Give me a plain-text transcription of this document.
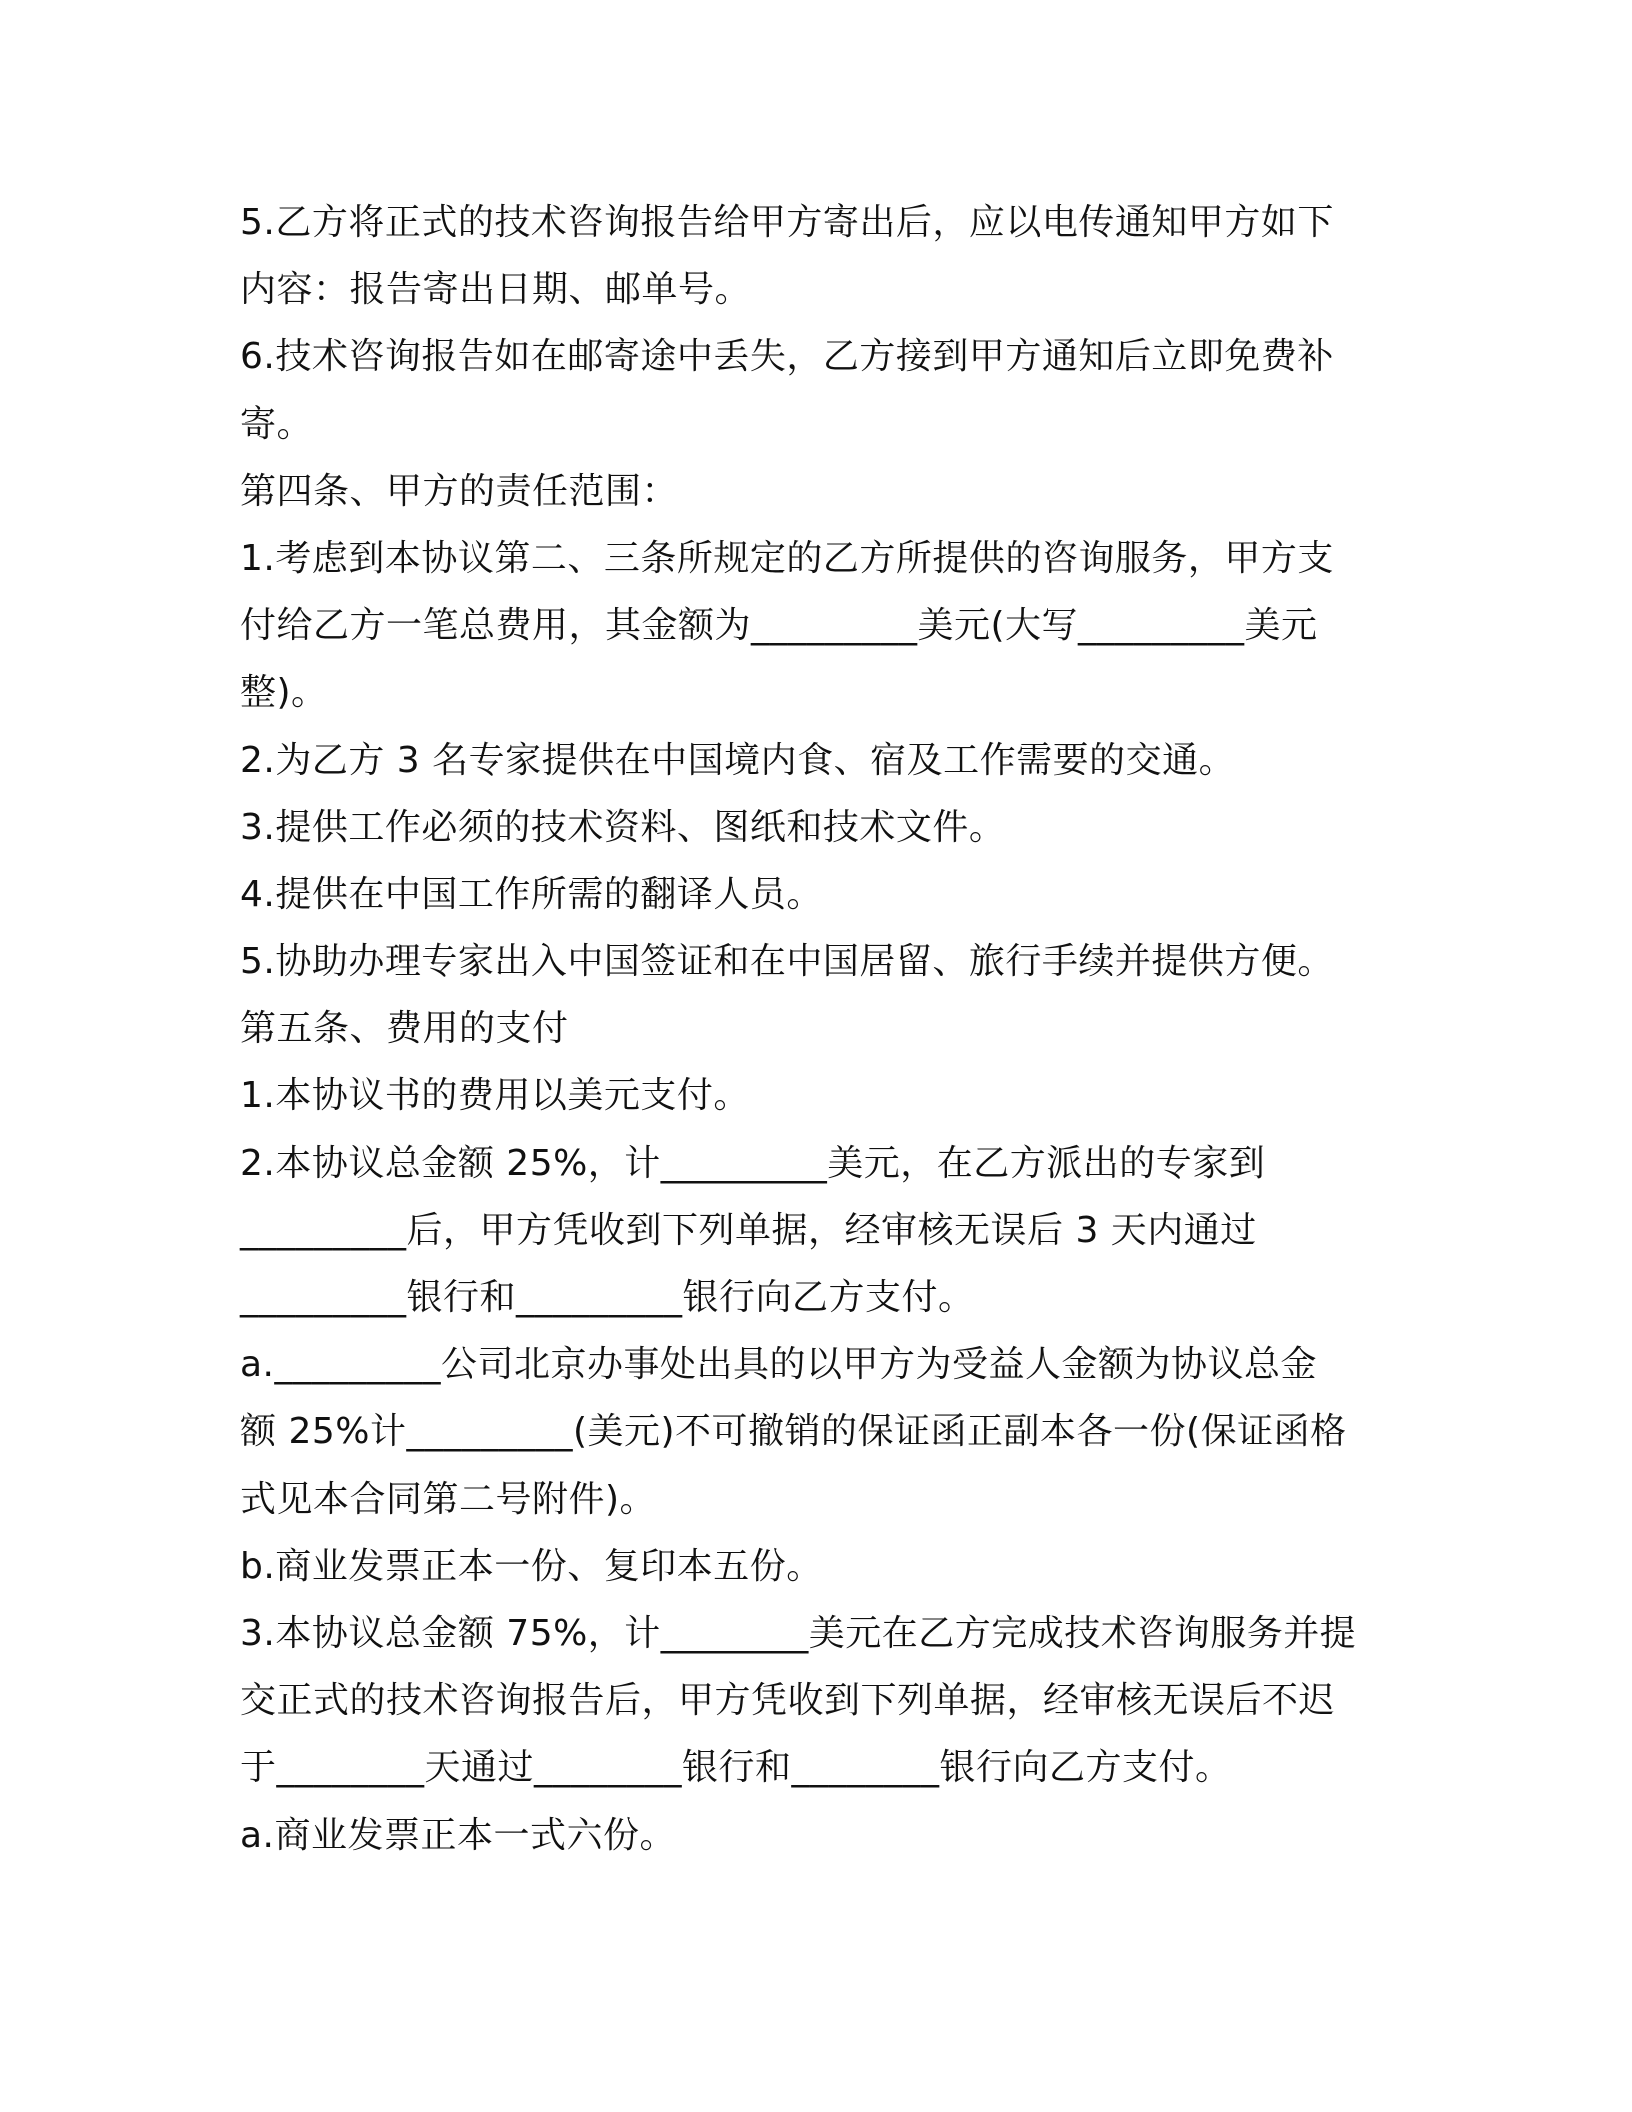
5.乙方将正式的技术咨询报告给甲方寄出后，应以电传通知甲方如下
内容：报告寄出日期、邮单号。
6.技术咨询报告如在邮寄途中丢失，乙方接到甲方通知后立即免费补
寄。
第四条、甲方的责任范围：
1.考虑到本协议第二、三条所规定的乙方所提供的咨询服务，甲方支
付给乙方一笔总费用，其金额为_________美元(大写_________美元
整)。
2.为乙方 3 名专家提供在中国境内食、宿及工作需要的交通。
3.提供工作必须的技术资料、图纸和技术文件。
4.提供在中国工作所需的翻译人员。
5.协助办理专家出入中国签证和在中国居留、旅行手续并提供方便。
第五条、费用的支付
1.本协议书的费用以美元支付。
2.本协议总金额 25%，计_________美元，在乙方派出的专家到
_________后，甲方凭收到下列单据，经审核无误后 3 天内通过
_________银行和_________银行向乙方支付。
a._________公司北京办事处出具的以甲方为受益人金额为协议总金
额 25%计_________(美元)不可撤销的保证函正副本各一份(保证函格
式见本合同第二号附件)。
b.商业发票正本一份、复印本五份。
3.本协议总金额 75%，计________美元在乙方完成技术咨询服务并提
交正式的技术咨询报告后，甲方凭收到下列单据，经审核无误后不迟
于________天通过________银行和________银行向乙方支付。
a.商业发票正本一式六份。
